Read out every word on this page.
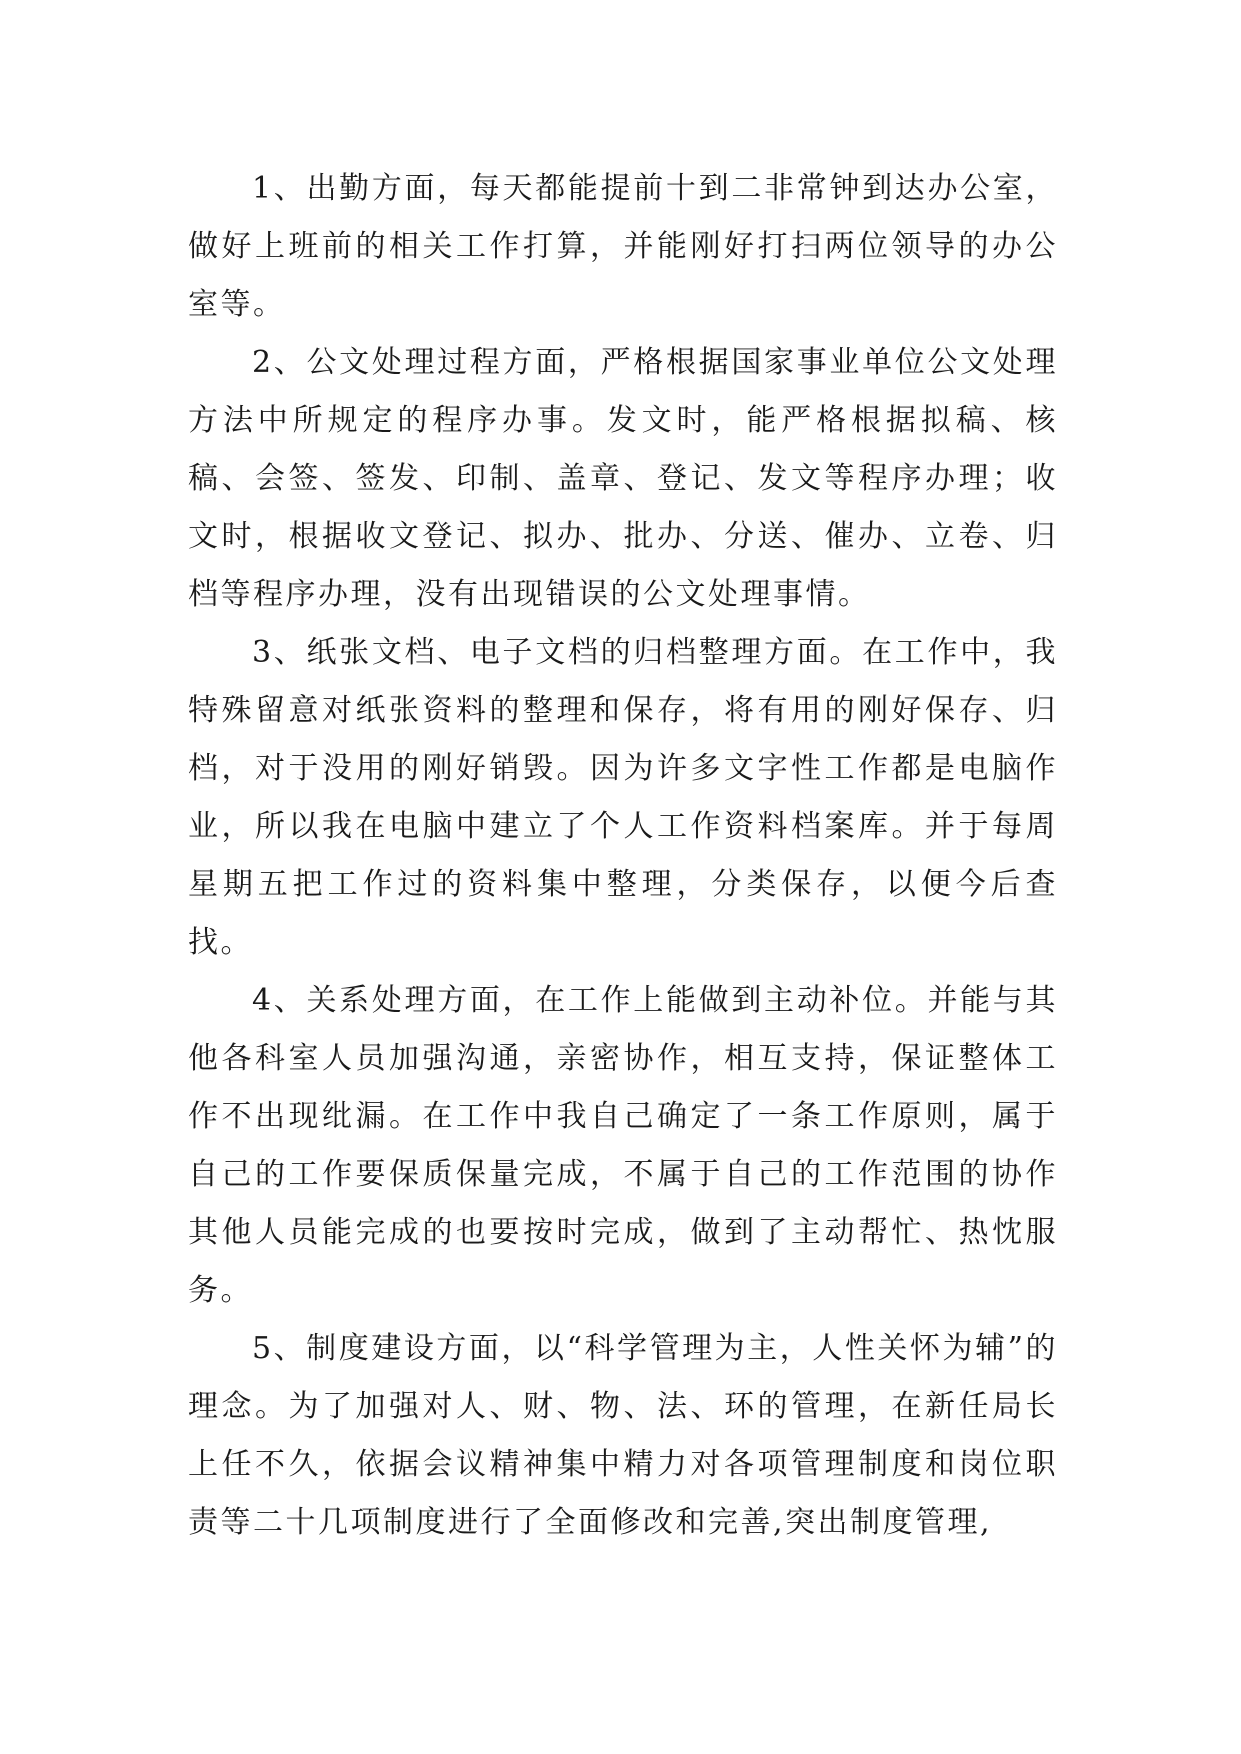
1、出勤方面，每天都能提前十到二非常钟到达办公室，做好上班前的相关工作打算，并能刚好打扫两位领导的办公室等。

2、公文处理过程方面，严格根据国家事业单位公文处理方法中所规定的程序办事。发文时，能严格根据拟稿、核稿、会签、签发、印制、盖章、登记、发文等程序办理；收文时，根据收文登记、拟办、批办、分送、催办、立卷、归档等程序办理，没有出现错误的公文处理事情。

3、纸张文档、电子文档的归档整理方面。在工作中，我特殊留意对纸张资料的整理和保存，将有用的刚好保存、归档，对于没用的刚好销毁。因为许多文字性工作都是电脑作业，所以我在电脑中建立了个人工作资料档案库。并于每周星期五把工作过的资料集中整理，分类保存，以便今后查找。

4、关系处理方面，在工作上能做到主动补位。并能与其他各科室人员加强沟通，亲密协作，相互支持，保证整体工作不出现纰漏。在工作中我自己确定了一条工作原则，属于自己的工作要保质保量完成，不属于自己的工作范围的协作其他人员能完成的也要按时完成，做到了主动帮忙、热忱服务。

5、制度建设方面，以“科学管理为主，人性关怀为辅”的理念。为了加强对人、财、物、法、环的管理，在新任局长上任不久，依据会议精神集中精力对各项管理制度和岗位职责等二十几项制度进行了全面修改和完善,突出制度管理,
